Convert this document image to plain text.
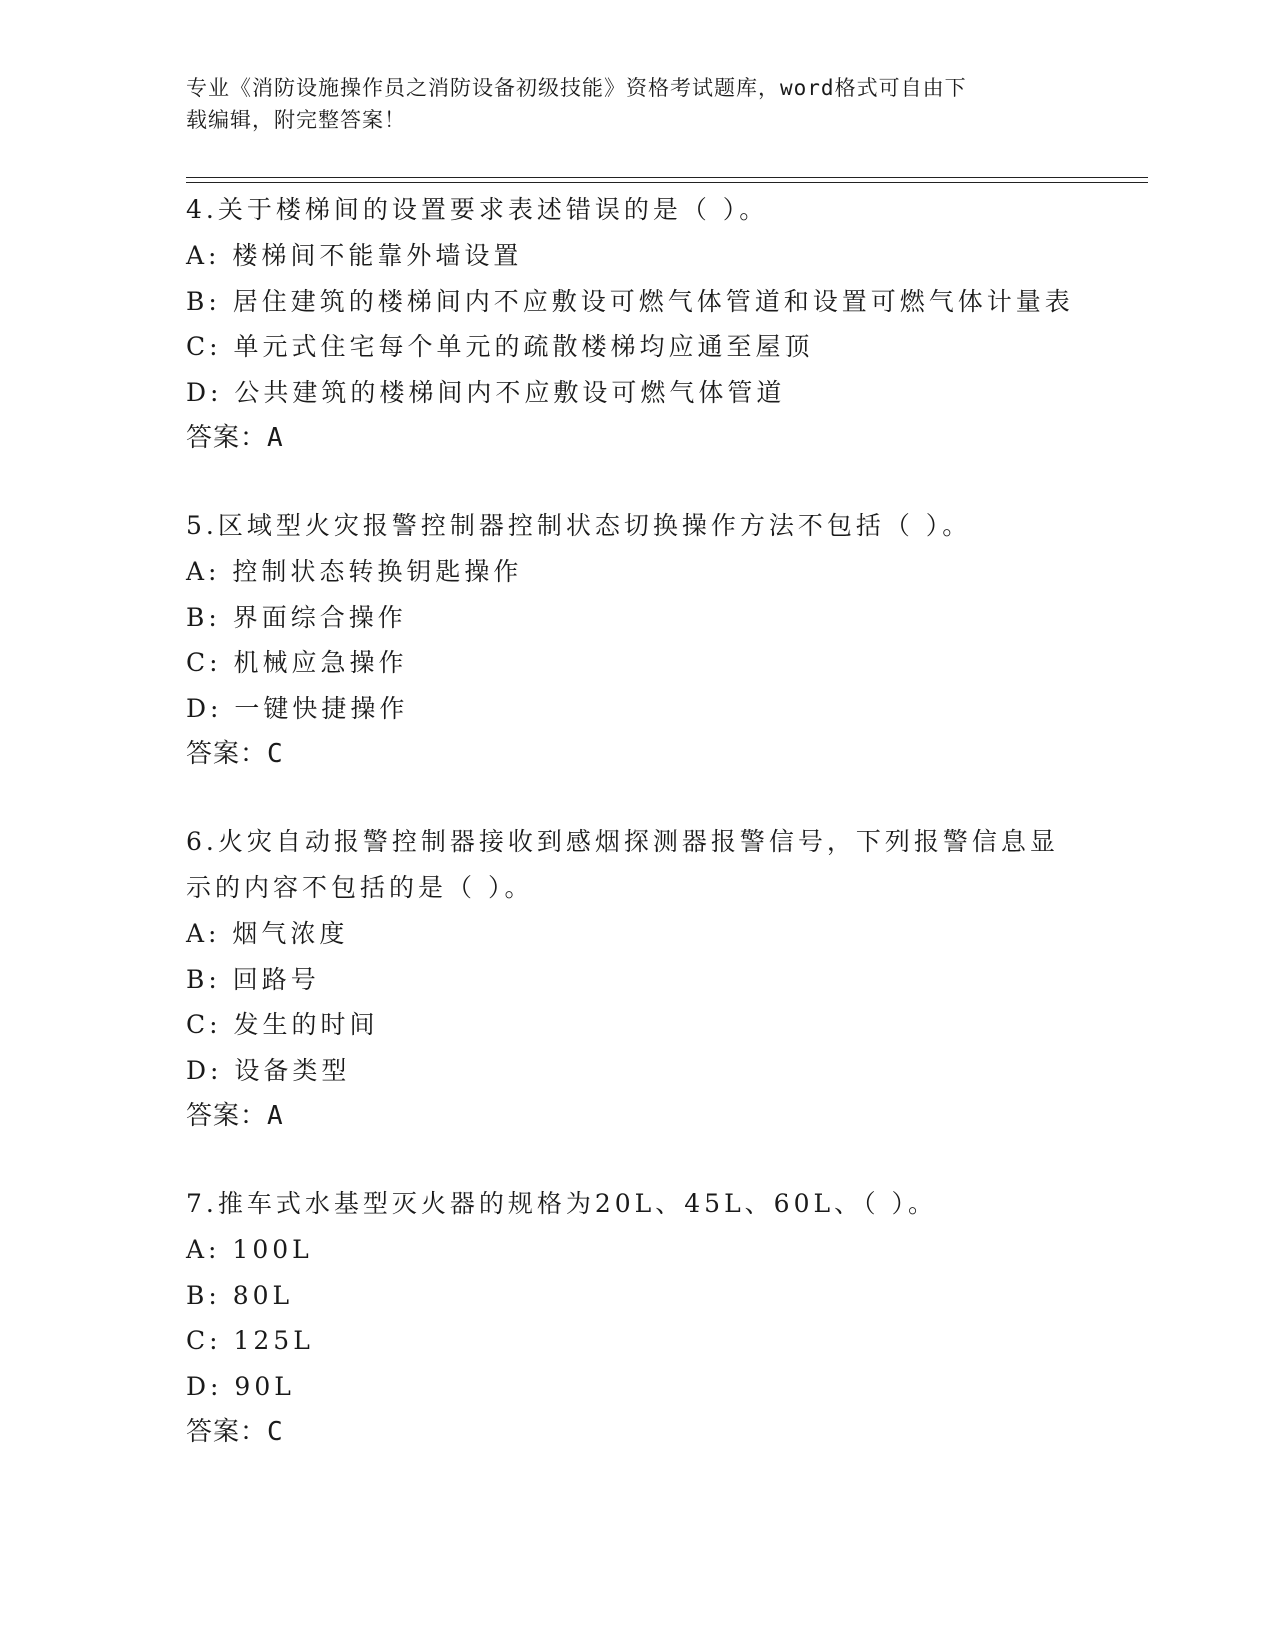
专业《消防设施操作员之消防设备初级技能》资格考试题库，word格式可自由下
载编辑，附完整答案！
4.关于楼梯间的设置要求表述错误的是（ ）。
A: 楼梯间不能靠外墙设置
B: 居住建筑的楼梯间内不应敷设可燃气体管道和设置可燃气体计量表
C: 单元式住宅每个单元的疏散楼梯均应通至屋顶
D: 公共建筑的楼梯间内不应敷设可燃气体管道
答案：A
5.区域型火灾报警控制器控制状态切换操作方法不包括（ ）。
A: 控制状态转换钥匙操作
B: 界面综合操作
C: 机械应急操作
D: 一键快捷操作
答案：C
6.火灾自动报警控制器接收到感烟探测器报警信号，下列报警信息显
示的内容不包括的是（ ）。
A: 烟气浓度
B: 回路号
C: 发生的时间
D: 设备类型
答案：A
7.推车式水基型灭火器的规格为20L、45L、60L、（ ）。
A: 100L
B: 80L
C: 125L
D: 90L
答案：C
